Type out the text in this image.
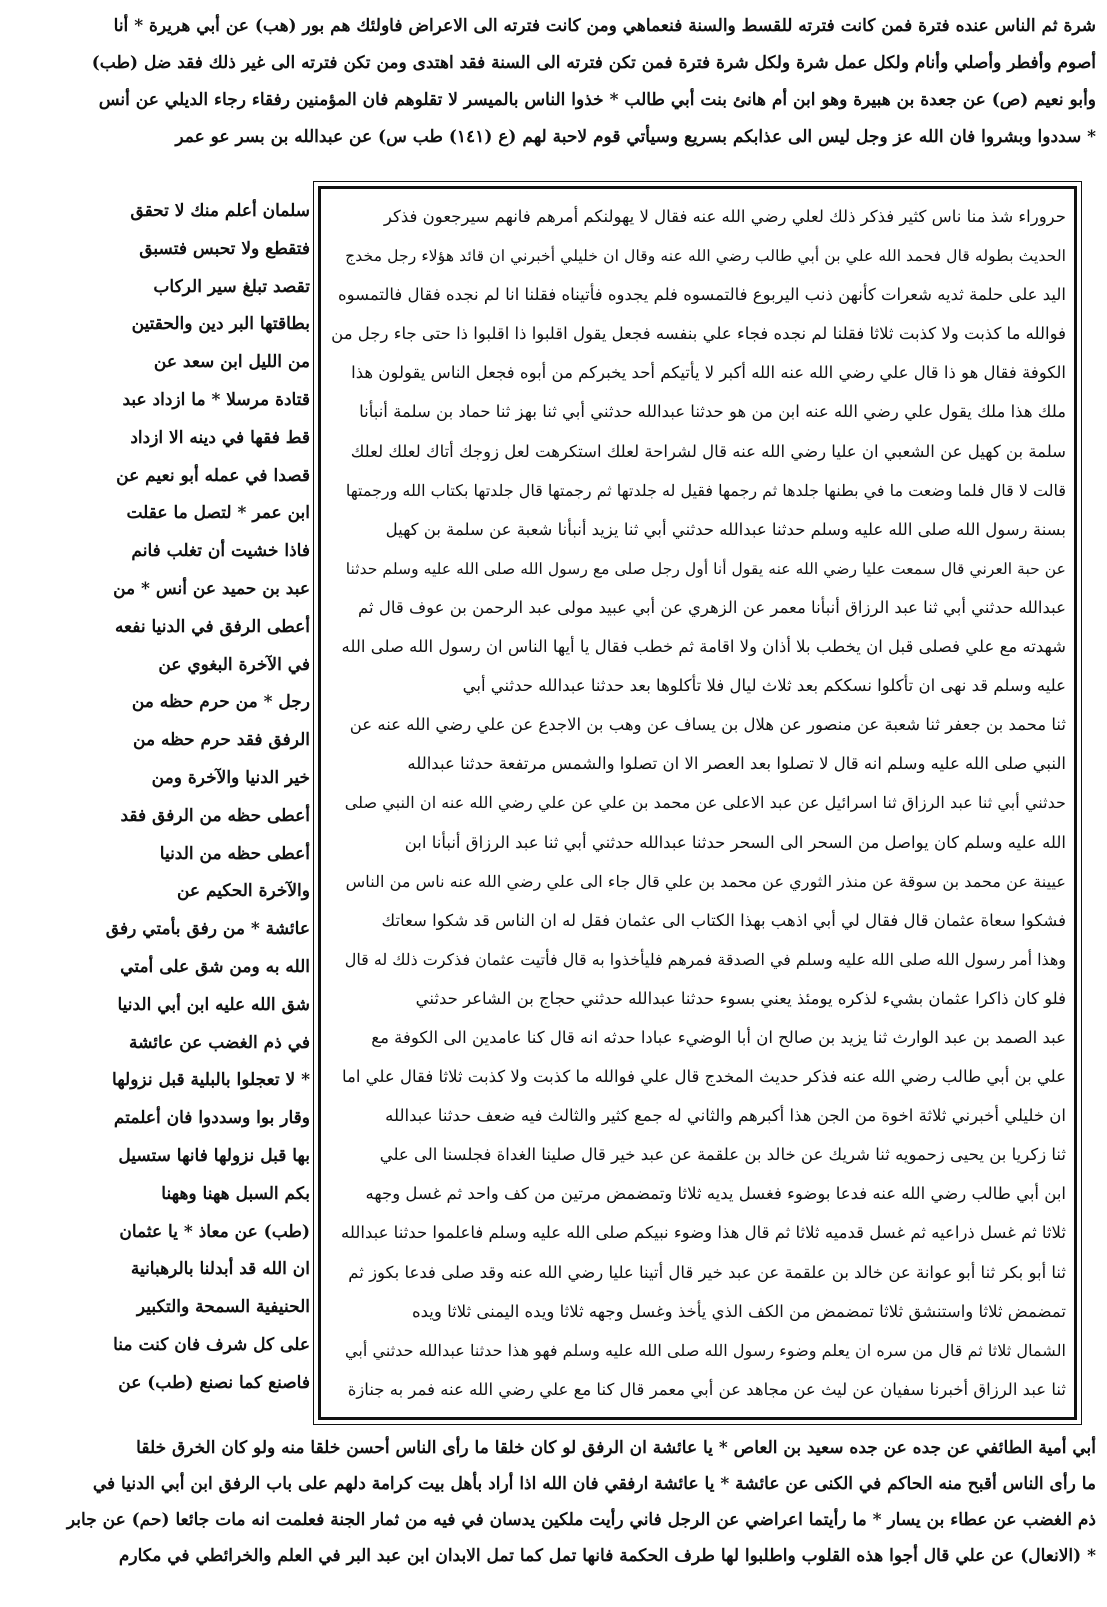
شرة ثم الناس عنده فترة فمن كانت فترته للقسط والسنة فنعماهي ومن كانت فترته الى الاعراض فاولئك هم بور (هب) عن أبي هريرة * أنا
أصوم وأفطر وأصلي وأنام ولكل عمل شرة ولكل شرة فترة فمن تكن فترته الى السنة فقد اهتدى ومن تكن فترته الى غير ذلك فقد ضل (طب)
وأبو نعيم (ص) عن جعدة بن هبيرة وهو ابن أم هانئ بنت أبي طالب * خذوا الناس بالميسر لا تقلوهم فان المؤمنين رفقاء رجاء الديلي عن أنس
* سددوا وبشروا فان الله عز وجل ليس الى عذابكم بسريع وسيأتي قوم لاحبة لهم (ع (١٤١) طب س) عن عبدالله بن بسر عو عمر
سلمان أعلم منك لا تحقق
فتقطع ولا تحبس فتسبق
تقصد تبلغ سير الركاب
بطاقتها البر دين والحقتين
من الليل ابن سعد عن
قتادة مرسلا * ما ازداد عبد
قط فقها في دينه الا ازداد
قصدا في عمله أبو نعيم عن
ابن عمر * لتصل ما عقلت
فاذا خشيت أن تغلب فانم
عبد بن حميد عن أنس * من
أعطى الرفق في الدنيا نفعه
في الآخرة البغوي عن
رجل * من حرم حظه من
الرفق فقد حرم حظه من
خير الدنيا والآخرة ومن
أعطى حظه من الرفق فقد
أعطى حظه من الدنيا
والآخرة الحكيم عن
عائشة * من رفق بأمتي رفق
الله به ومن شق على أمتي
شق الله عليه ابن أبي الدنيا
في ذم الغضب عن عائشة
* لا تعجلوا بالبلية قبل نزولها
وقار بوا وسددوا فان أعلمتم
بها قبل نزولها فانها ستسيل
بكم السبل ههنا وههنا
(طب) عن معاذ * يا عثمان
ان الله قد أبدلنا بالرهبانية
الحنيفية السمحة والتكبير
على كل شرف فان كنت منا
فاصنع كما نصنع (طب) عن
حروراء شذ منا ناس كثير فذكر ذلك لعلي رضي الله عنه فقال لا يهولنكم أمرهم فانهم سيرجعون فذكر
الحديث بطوله قال فحمد الله علي بن أبي طالب رضي الله عنه وقال ان خليلي أخبرني ان قائد هؤلاء رجل مخدج
اليد على حلمة ثديه شعرات كأنهن ذنب اليربوع فالتمسوه فلم يجدوه فأتيناه فقلنا انا لم نجده فقال فالتمسوه
فوالله ما كذبت ولا كذبت ثلاثا فقلنا لم نجده فجاء علي بنفسه فجعل يقول اقلبوا ذا اقلبوا ذا حتى جاء رجل من
الكوفة فقال هو ذا قال علي رضي الله عنه الله أكبر لا يأتيكم أحد يخبركم من أبوه فجعل الناس يقولون هذا
ملك هذا ملك يقول علي رضي الله عنه ابن من هو حدثنا عبدالله حدثني أبي ثنا بهز ثنا حماد بن سلمة أنبأنا
سلمة بن كهيل عن الشعبي ان عليا رضي الله عنه قال لشراحة لعلك استكرهت لعل زوجك أتاك لعلك لعلك
قالت لا قال فلما وضعت ما في بطنها جلدها ثم رجمها فقيل له جلدتها ثم رجمتها قال جلدتها بكتاب الله ورجمتها
بسنة رسول الله صلى الله عليه وسلم حدثنا عبدالله حدثني أبي ثنا يزيد أنبأنا شعبة عن سلمة بن كهيل
عن حبة العرني قال سمعت عليا رضي الله عنه يقول أنا أول رجل صلى مع رسول الله صلى الله عليه وسلم حدثنا
عبدالله حدثني أبي ثنا عبد الرزاق أنبأنا معمر عن الزهري عن أبي عبيد مولى عبد الرحمن بن عوف قال ثم
شهدته مع علي فصلى قبل ان يخطب بلا أذان ولا اقامة ثم خطب فقال يا أيها الناس ان رسول الله صلى الله
عليه وسلم قد نهى ان تأكلوا نسككم بعد ثلاث ليال فلا تأكلوها بعد حدثنا عبدالله حدثني أبي
ثنا محمد بن جعفر ثنا شعبة عن منصور عن هلال بن يساف عن وهب بن الاجدع عن علي رضي الله عنه عن
النبي صلى الله عليه وسلم انه قال لا تصلوا بعد العصر الا ان تصلوا والشمس مرتفعة حدثنا عبدالله
حدثني أبي ثنا عبد الرزاق ثنا اسرائيل عن عبد الاعلى عن محمد بن علي عن علي رضي الله عنه ان النبي صلى
الله عليه وسلم كان يواصل من السحر الى السحر حدثنا عبدالله حدثني أبي ثنا عبد الرزاق أنبأنا ابن
عيينة عن محمد بن سوقة عن منذر الثوري عن محمد بن علي قال جاء الى علي رضي الله عنه ناس من الناس
فشكوا سعاة عثمان قال فقال لي أبي اذهب بهذا الكتاب الى عثمان فقل له ان الناس قد شكوا سعاتك
وهذا أمر رسول الله صلى الله عليه وسلم في الصدقة فمرهم فليأخذوا به قال فأتيت عثمان فذكرت ذلك له قال
فلو كان ذاكرا عثمان بشيء لذكره يومئذ يعني بسوء حدثنا عبدالله حدثني حجاج بن الشاعر حدثني
عبد الصمد بن عبد الوارث ثنا يزيد بن صالح ان أبا الوضيء عبادا حدثه انه قال كنا عامدين الى الكوفة مع
علي بن أبي طالب رضي الله عنه فذكر حديث المخدج قال علي فوالله ما كذبت ولا كذبت ثلاثا فقال علي اما
ان خليلي أخبرني ثلاثة اخوة من الجن هذا أكبرهم والثاني له جمع كثير والثالث فيه ضعف حدثنا عبدالله
ثنا زكريا بن يحيى زحمويه ثنا شريك عن خالد بن علقمة عن عبد خير قال صلينا الغداة فجلسنا الى علي
ابن أبي طالب رضي الله عنه فدعا بوضوء فغسل يديه ثلاثا وتمضمض مرتين من كف واحد ثم غسل وجهه
ثلاثا ثم غسل ذراعيه ثم غسل قدميه ثلاثا ثم قال هذا وضوء نبيكم صلى الله عليه وسلم فاعلموا حدثنا عبدالله
ثنا أبو بكر ثنا أبو عوانة عن خالد بن علقمة عن عبد خير قال أتينا عليا رضي الله عنه وقد صلى فدعا بكوز ثم
تمضمض ثلاثا واستنشق ثلاثا تمضمض من الكف الذي يأخذ وغسل وجهه ثلاثا ويده اليمنى ثلاثا ويده
الشمال ثلاثا ثم قال من سره ان يعلم وضوء رسول الله صلى الله عليه وسلم فهو هذا حدثنا عبدالله حدثني أبي
ثنا عبد الرزاق أخبرنا سفيان عن ليث عن مجاهد عن أبي معمر قال كنا مع علي رضي الله عنه فمر به جنازة
أبي أمية الطائفي عن جده عن جده سعيد بن العاص * يا عائشة ان الرفق لو كان خلقا ما رأى الناس أحسن خلقا منه ولو كان الخرق خلقا
ما رأى الناس أقبح منه الحاكم في الكنى عن عائشة * يا عائشة ارفقي فان الله اذا أراد بأهل بيت كرامة دلهم على باب الرفق ابن أبي الدنيا في
ذم الغضب عن عطاء بن يسار * ما رأيتما اعراضي عن الرجل فاني رأيت ملكين يدسان في فيه من ثمار الجنة فعلمت انه مات جائعا (حم) عن جابر
* (الانعال) عن علي قال أجوا هذه القلوب واطلبوا لها طرف الحكمة فانها تمل كما تمل الابدان ابن عبد البر في العلم والخرائطي في مكارم
